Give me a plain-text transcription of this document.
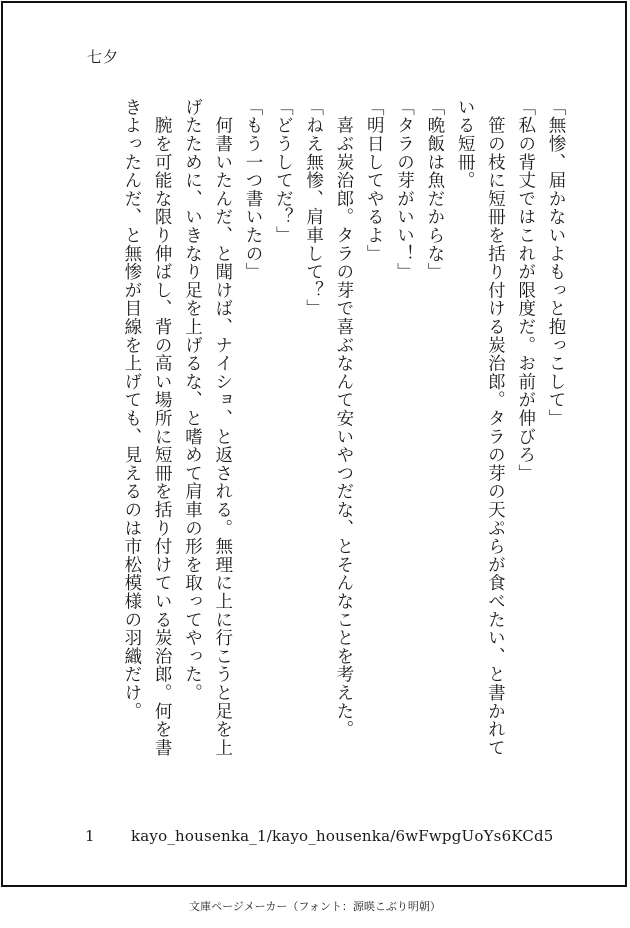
七夕
「無惨、届かないよもっと抱っこして」
「私の背丈ではこれが限度だ。お前が伸びろ」
　笹の枝に短冊を括り付ける炭治郎。タラの芽の天ぷらが食べたい、と書かれて
いる短冊。
「晩飯は魚だからな」
「タラの芽がいい！」
「明日してやるよ」
　喜ぶ炭治郎。タラの芽で喜ぶなんて安いやつだな、とそんなことを考えた。
「ねえ無惨、肩車して？」
「どうしてだ？」
「もう一つ書いたの」
　何書いたんだ、と聞けば、ナイショ、と返される。無理に上に行こうと足を上
げたために、いきなり足を上げるな、と嗜めて肩車の形を取ってやった。
　腕を可能な限り伸ばし、背の高い場所に短冊を括り付けている炭治郎。何を書
きよったんだ、と無惨が目線を上げても、見えるのは市松模様の羽織だけ。
1 kayo_housenka_1/kayo_housenka/6wFwpgUoYs6KCd5
文庫ページメーカー（フォント：源暎こぶり明朝）
